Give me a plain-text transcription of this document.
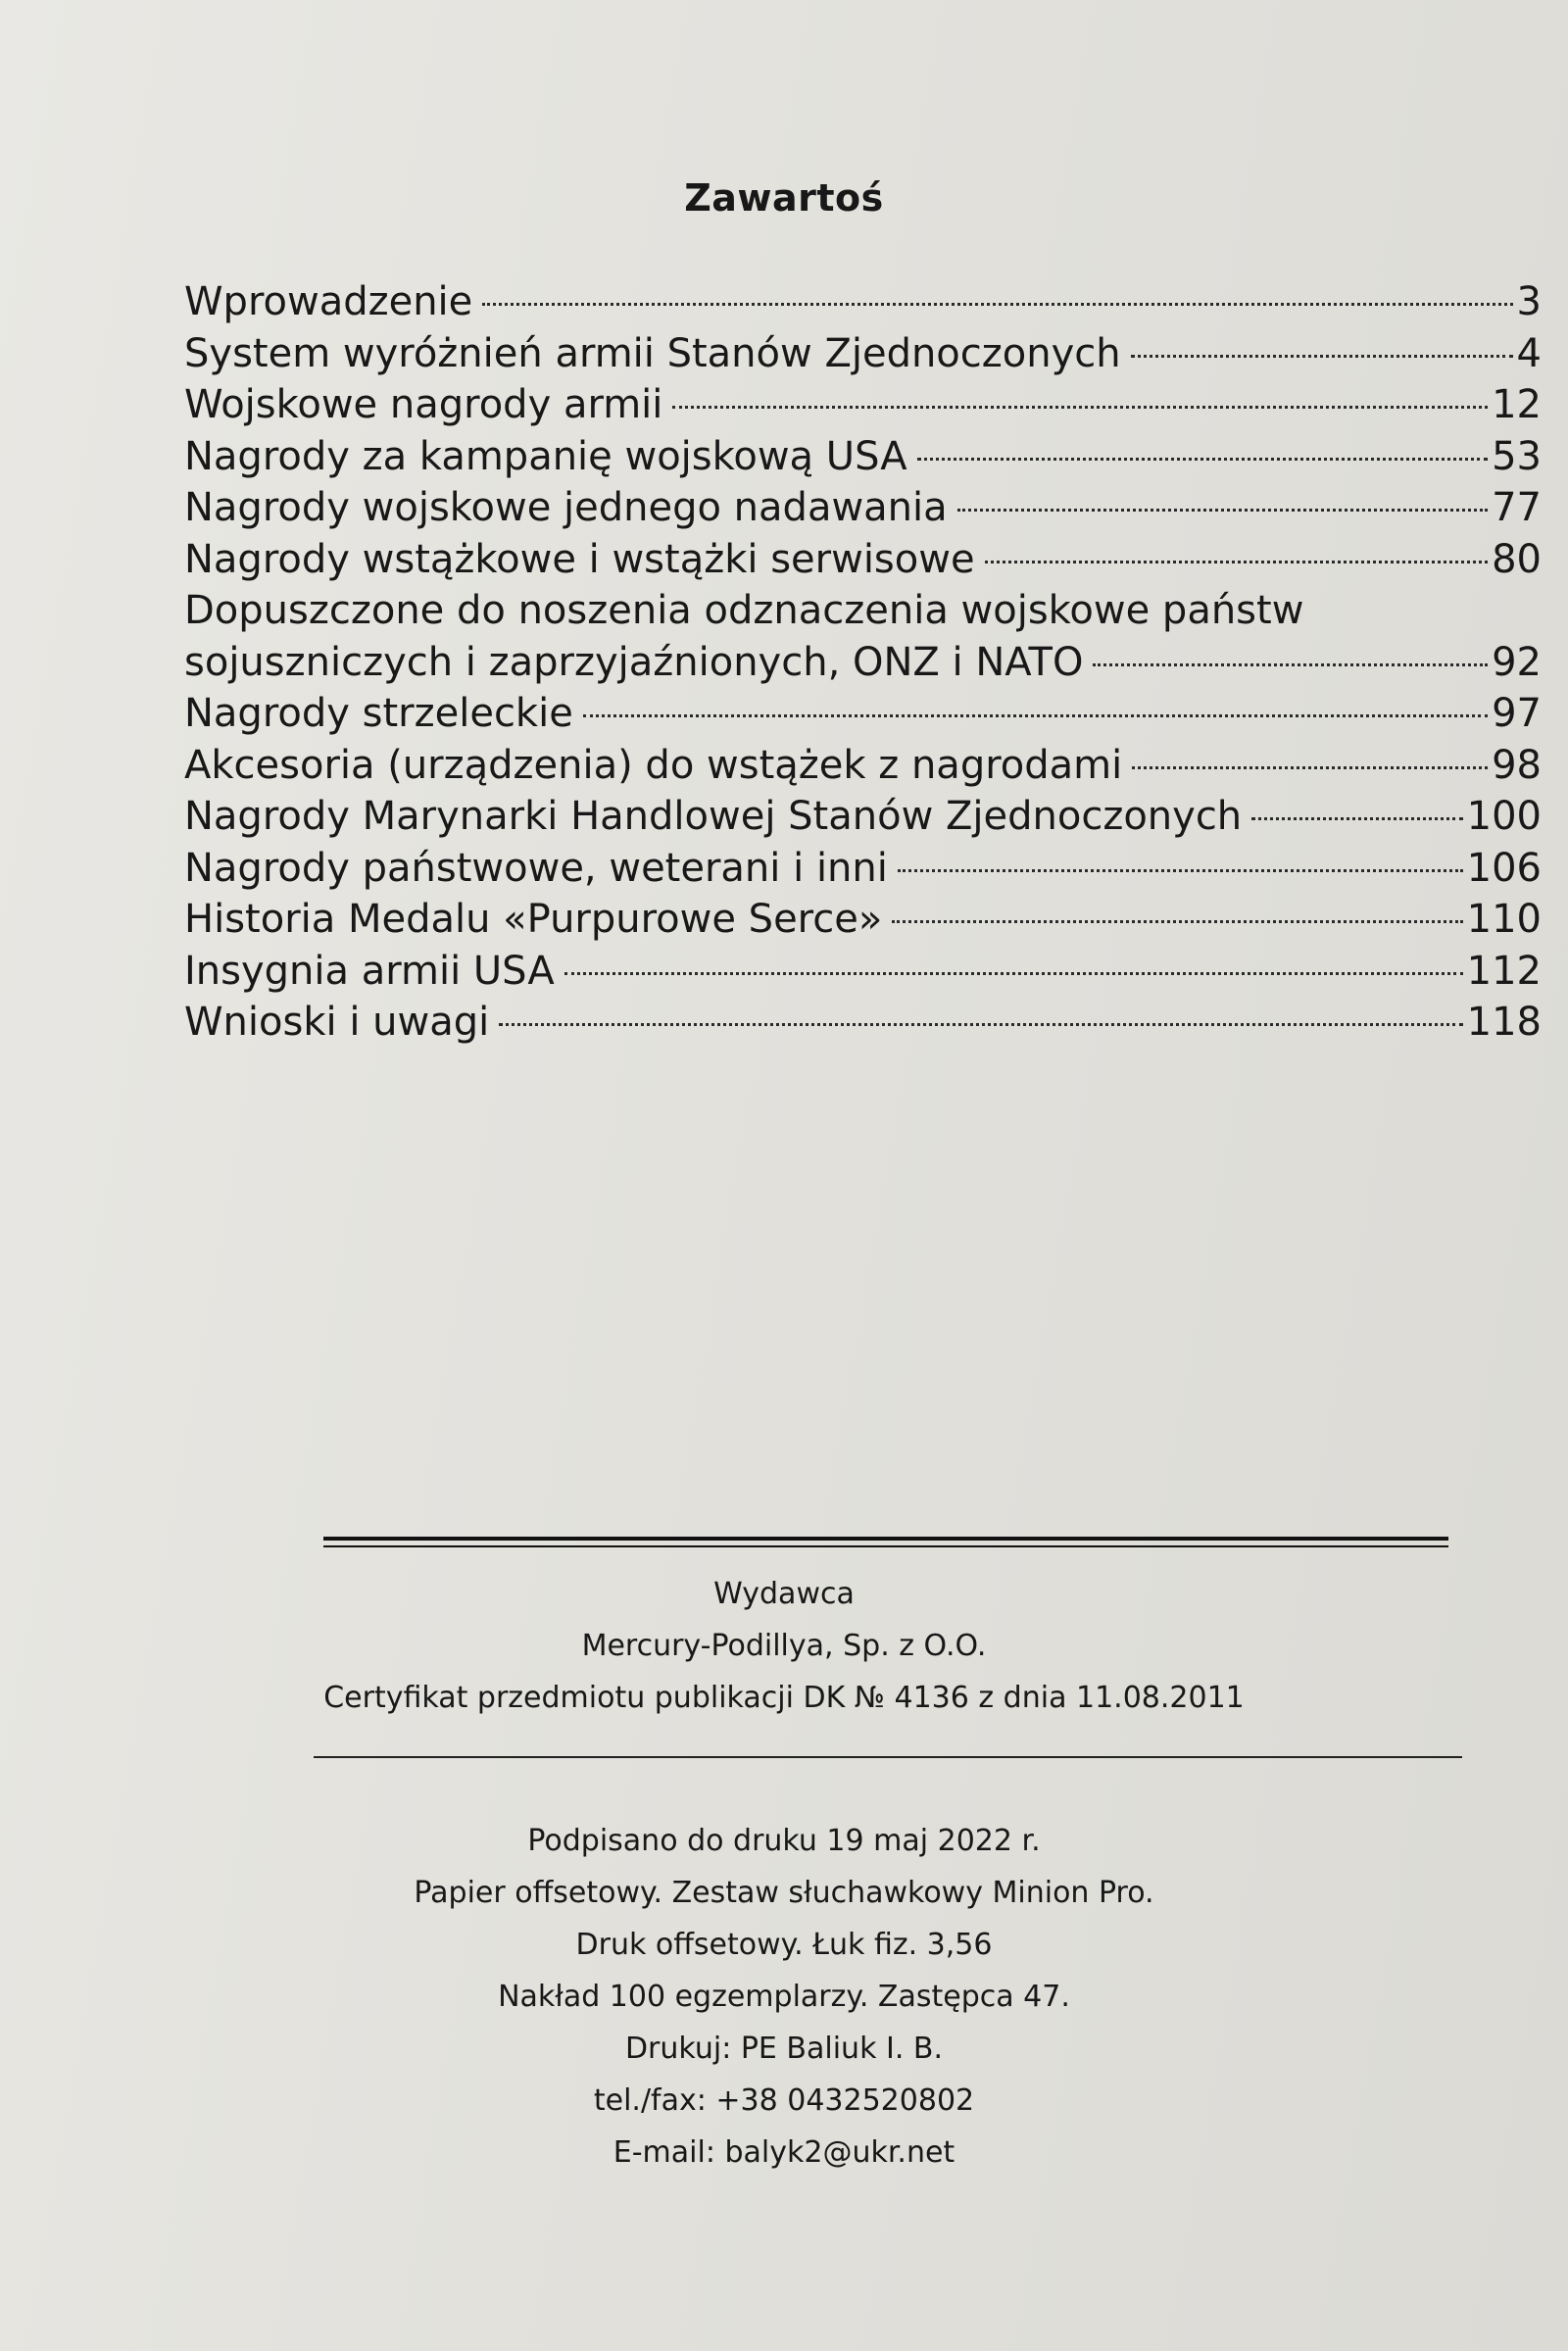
Zawartoś
Wprowadzenie	3
System wyróżnień armii Stanów Zjednoczonych	4
Wojskowe nagrody armii	12
Nagrody za kampanię wojskową USA	53
Nagrody wojskowe jednego nadawania	77
Nagrody wstążkowe i wstążki serwisowe	80
Dopuszczone do noszenia odznaczenia wojskowe państw
sojuszniczych i zaprzyjaźnionych, ONZ i NATO	92
Nagrody strzeleckie	97
Akcesoria (urządzenia) do wstążek z nagrodami	98
Nagrody Marynarki Handlowej Stanów Zjednoczonych	100
Nagrody państwowe, weterani i inni	106
Historia Medalu «Purpurowe Serce»	110
Insygnia armii USA	112
Wnioski i uwagi	118
Wydawca
Mercury-Podillya, Sp. z O.O.
Certyfikat przedmiotu publikacji DK № 4136 z dnia 11.08.2011
Podpisano do druku 19 maj 2022 r.
Papier offsetowy. Zestaw słuchawkowy Minion Pro.
Druk offsetowy. Łuk fiz. 3,56
Nakład 100 egzemplarzy. Zastępca 47.
Drukuj: PE Baliuk I. B.
tel./fax: +38 0432520802
E-mail: balyk2@ukr.net
